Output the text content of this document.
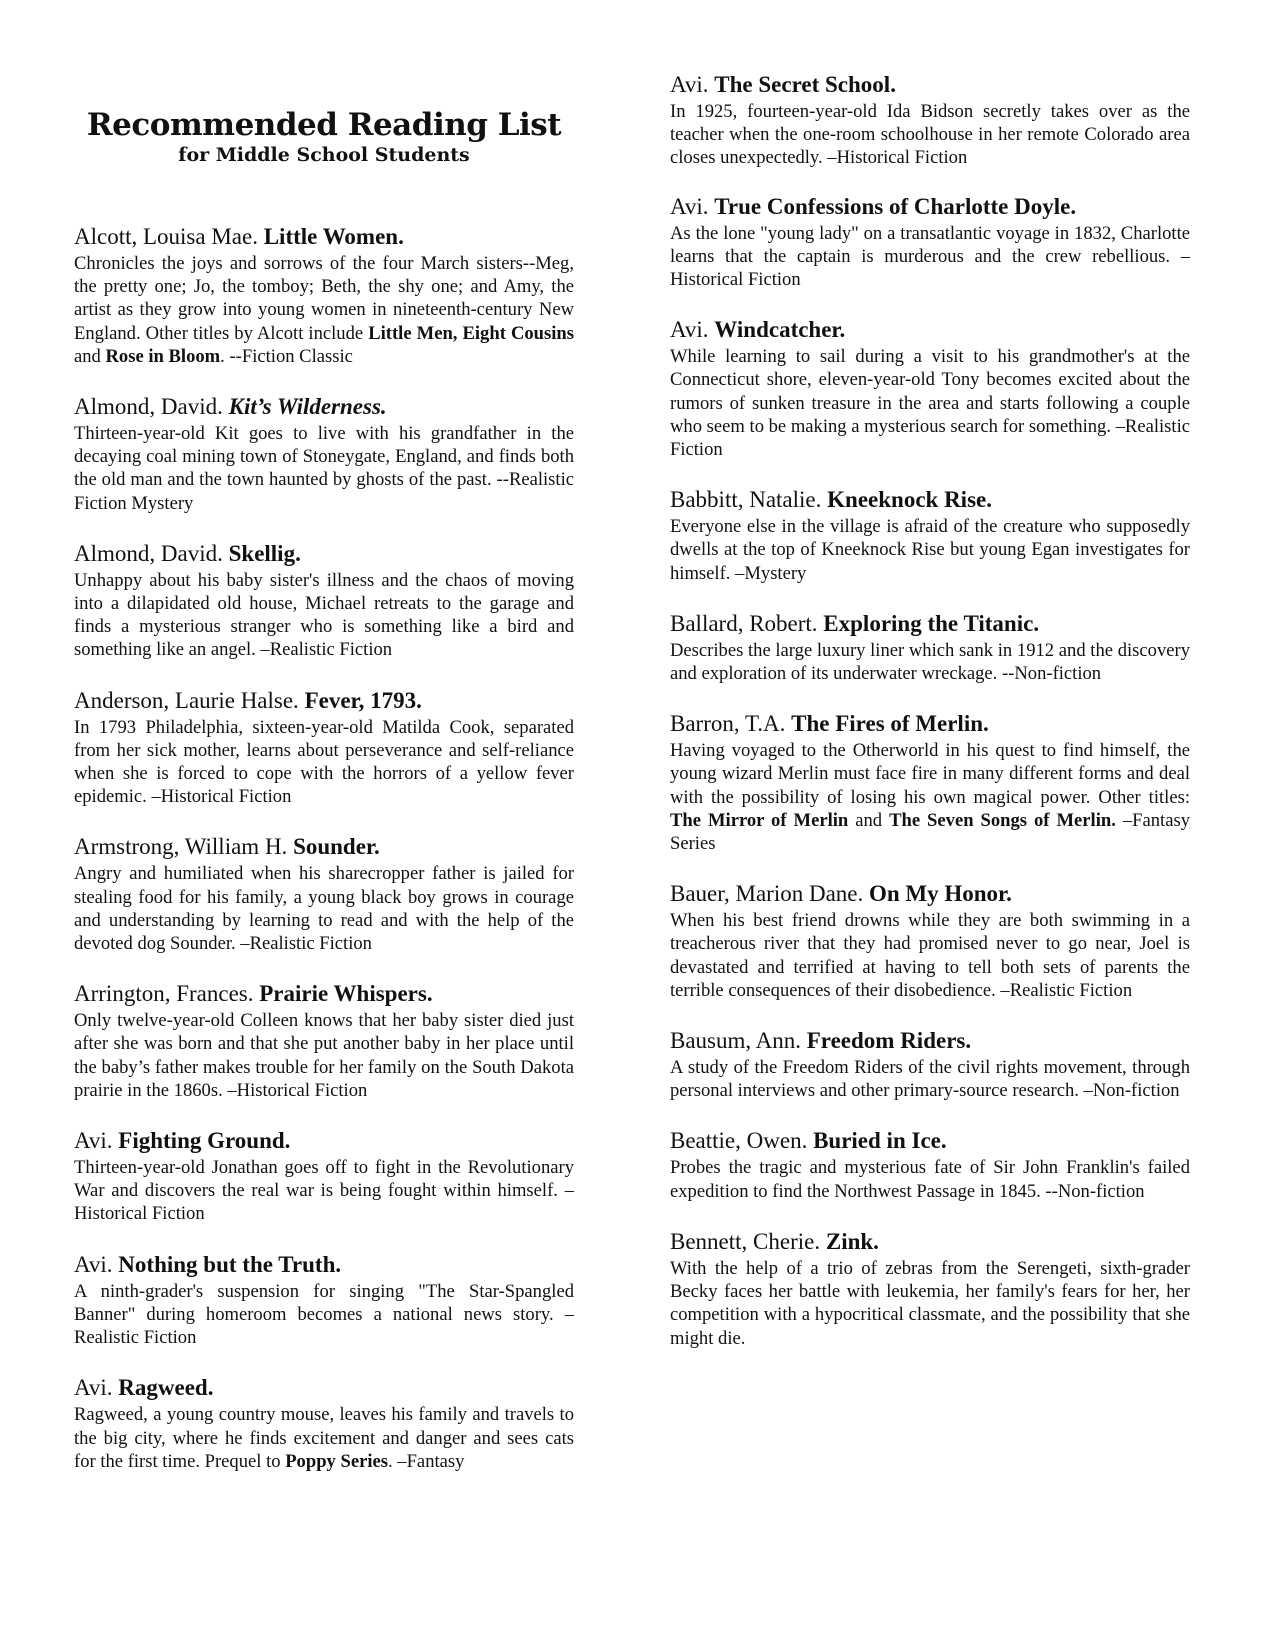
Recommended Reading List
for Middle School Students

Alcott, Louisa Mae. Little Women.

Chronicles the joys and sorrows of the four March sisters--Meg, the pretty one; Jo, the tomboy; Beth, the shy one; and Amy, the artist as they grow into young women in nineteenth-century New England. Other titles by Alcott include Little Men, Eight Cousins and Rose in Bloom. --Fiction Classic

Almond, David. Kit’s Wilderness.

Thirteen-year-old Kit goes to live with his grandfather in the decaying coal mining town of Stoneygate, England, and finds both the old man and the town haunted by ghosts of the past. --Realistic Fiction Mystery

Almond, David. Skellig.

Unhappy about his baby sister's illness and the chaos of moving into a dilapidated old house, Michael retreats to the garage and finds a mysterious stranger who is something like a bird and something like an angel. –Realistic Fiction

Anderson, Laurie Halse. Fever, 1793.

In 1793 Philadelphia, sixteen-year-old Matilda Cook, separated from her sick mother, learns about perseverance and self-reliance when she is forced to cope with the horrors of a yellow fever epidemic. –Historical Fiction

Armstrong, William H. Sounder.

Angry and humiliated when his sharecropper father is jailed for stealing food for his family, a young black boy grows in courage and understanding by learning to read and with the help of the devoted dog Sounder. –Realistic Fiction

Arrington, Frances. Prairie Whispers.

Only twelve-year-old Colleen knows that her baby sister died just after she was born and that she put another baby in her place until the baby’s father makes trouble for her family on the South Dakota prairie in the 1860s. –Historical Fiction

Avi. Fighting Ground.

Thirteen-year-old Jonathan goes off to fight in the Revolutionary War and discovers the real war is being fought within himself. –Historical Fiction

Avi. Nothing but the Truth.

A ninth-grader's suspension for singing "The Star-Spangled Banner" during homeroom becomes a national news story. –Realistic Fiction

Avi. Ragweed.

Ragweed, a young country mouse, leaves his family and travels to the big city, where he finds excitement and danger and sees cats for the first time. Prequel to Poppy Series. –Fantasy

Avi. The Secret School.

In 1925, fourteen-year-old Ida Bidson secretly takes over as the teacher when the one-room schoolhouse in her remote Colorado area closes unexpectedly. –Historical Fiction

Avi. True Confessions of Charlotte Doyle.

As the lone "young lady" on a transatlantic voyage in 1832, Charlotte learns that the captain is murderous and the crew rebellious. –Historical Fiction

Avi. Windcatcher.

While learning to sail during a visit to his grandmother's at the Connecticut shore, eleven-year-old Tony becomes excited about the rumors of sunken treasure in the area and starts following a couple who seem to be making a mysterious search for something. –Realistic Fiction

Babbitt, Natalie. Kneeknock Rise.

Everyone else in the village is afraid of the creature who supposedly dwells at the top of Kneeknock Rise but young Egan investigates for himself. –Mystery

Ballard, Robert. Exploring the Titanic.

Describes the large luxury liner which sank in 1912 and the discovery and exploration of its underwater wreckage. --Non-fiction

Barron, T.A. The Fires of Merlin.

Having voyaged to the Otherworld in his quest to find himself, the young wizard Merlin must face fire in many different forms and deal with the possibility of losing his own magical power. Other titles: The Mirror of Merlin and The Seven Songs of Merlin. –Fantasy Series

Bauer, Marion Dane. On My Honor.

When his best friend drowns while they are both swimming in a treacherous river that they had promised never to go near, Joel is devastated and terrified at having to tell both sets of parents the terrible consequences of their disobedience. –Realistic Fiction

Bausum, Ann. Freedom Riders.

A study of the Freedom Riders of the civil rights movement, through personal interviews and other primary-source research. –Non-fiction

Beattie, Owen. Buried in Ice.

Probes the tragic and mysterious fate of Sir John Franklin's failed expedition to find the Northwest Passage in 1845. --Non-fiction

Bennett, Cherie. Zink.

With the help of a trio of zebras from the Serengeti, sixth-grader Becky faces her battle with leukemia, her family's fears for her, her competition with a hypocritical classmate, and the possibility that she might die.
